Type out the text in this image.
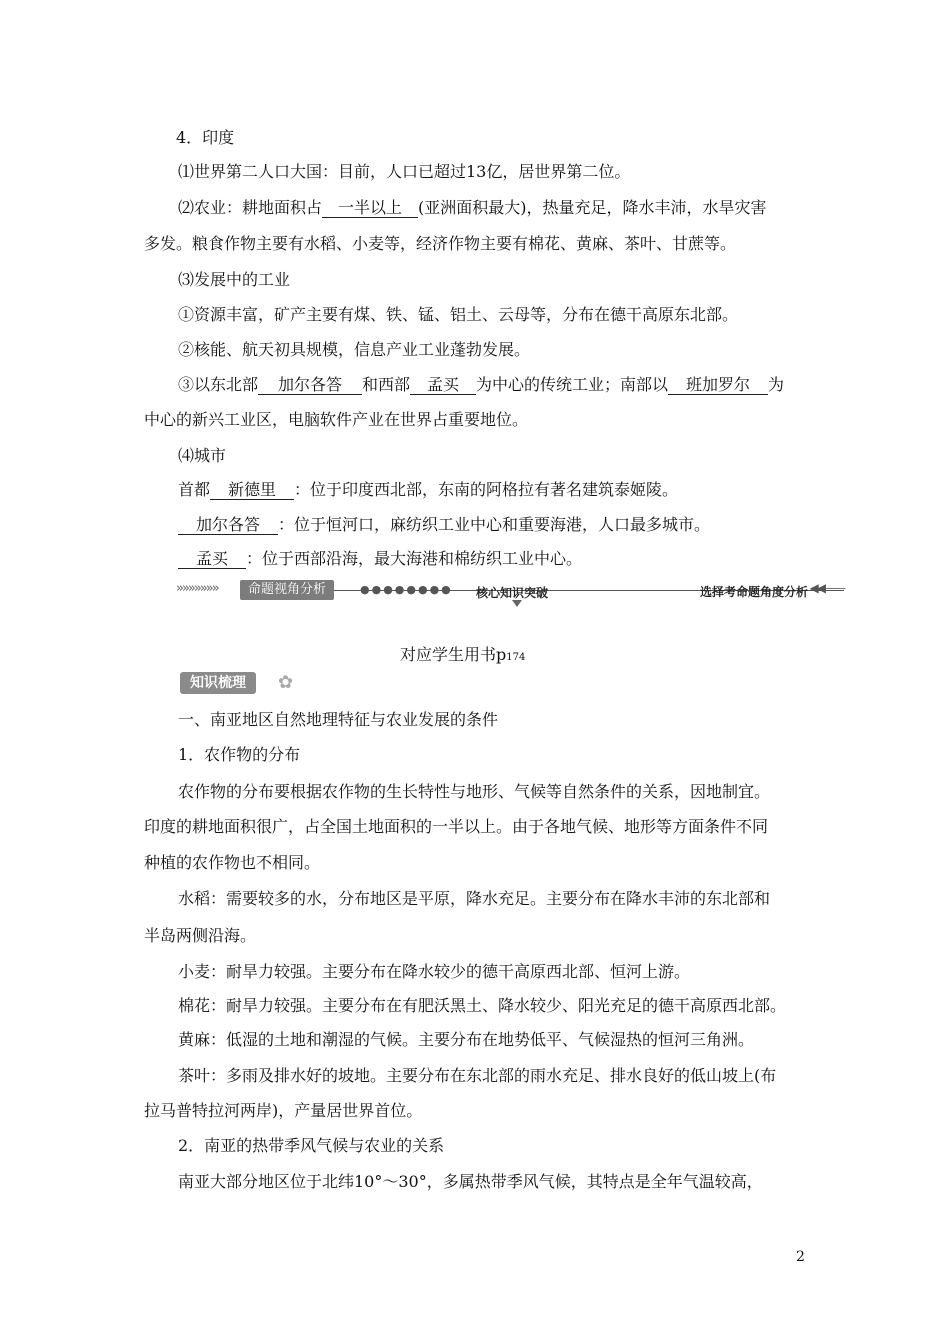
4．印度
⑴世界第二人口大国：目前，人口已超过13亿，居世界第二位。
⑵农业：耕地面积占 一半以上 (亚洲面积最大)，热量充足，降水丰沛，水旱灾害
多发。粮食作物主要有水稻、小麦等，经济作物主要有棉花、黄麻、茶叶、甘蔗等。
⑶发展中的工业
①资源丰富，矿产主要有煤、铁、锰、铝土、云母等，分布在德干高原东北部。
②核能、航天初具规模，信息产业工业蓬勃发展。
③以东北部 加尔各答 和西部 孟买 为中心的传统工业；南部以 班加罗尔 为
中心的新兴工业区，电脑软件产业在世界占重要地位。
⑷城市
首都 新德里 ：位于印度西北部，东南的阿格拉有著名建筑泰姬陵。
加尔各答 ：位于恒河口，麻纺织工业中心和重要海港，人口最多城市。
孟买 ：位于西部沿海，最大海港和棉纺织工业中心。
»»»»»»»	命题视角分析	●●●●●●●● 核心知识突破	选择考命题角度分析 ◀◀——
对应学生用书p174
知识梳理	✿
一、南亚地区自然地理特征与农业发展的条件
1．农作物的分布
农作物的分布要根据农作物的生长特性与地形、气候等自然条件的关系，因地制宜。
印度的耕地面积很广，占全国土地面积的一半以上。由于各地气候、地形等方面条件不同
种植的农作物也不相同。
水稻：需要较多的水，分布地区是平原，降水充足。主要分布在降水丰沛的东北部和
半岛两侧沿海。
小麦：耐旱力较强。主要分布在降水较少的德干高原西北部、恒河上游。
棉花：耐旱力较强。主要分布在有肥沃黑土、降水较少、阳光充足的德干高原西北部。
黄麻：低湿的土地和潮湿的气候。主要分布在地势低平、气候湿热的恒河三角洲。
茶叶：多雨及排水好的坡地。主要分布在东北部的雨水充足、排水良好的低山坡上(布
拉马普特拉河两岸)，产量居世界首位。
2．南亚的热带季风气候与农业的关系
南亚大部分地区位于北纬10°～30°，多属热带季风气候，其特点是全年气温较高，
2
